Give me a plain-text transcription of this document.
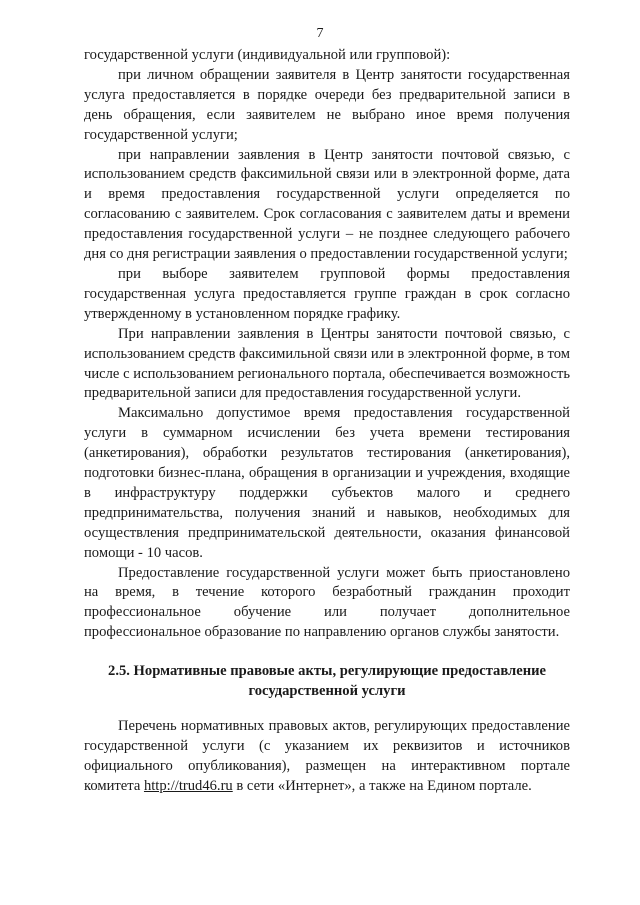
7

государственной услуги (индивидуальной или групповой):

при личном обращении заявителя в Центр занятости государственная услуга предоставляется в порядке очереди без предварительной записи в день обращения, если заявителем не выбрано иное время получения государственной услуги;

при направлении заявления в Центр занятости почтовой связью, с использованием средств факсимильной связи или в электронной форме, дата и время предоставления государственной услуги определяется по согласованию с заявителем. Срок согласования с заявителем даты и времени предоставления государственной услуги – не позднее следующего рабочего дня со дня регистрации заявления о предоставлении государственной услуги;

при выборе заявителем групповой формы предоставления государственная услуга предоставляется группе граждан в срок согласно утвержденному в установленном порядке графику.

При направлении заявления в Центры занятости почтовой связью, с использованием средств факсимильной связи или в электронной форме, в том числе с использованием регионального портала, обеспечивается возможность предварительной записи для предоставления государственной услуги.

Максимально допустимое время предоставления государственной услуги в суммарном исчислении без учета времени тестирования (анкетирования), обработки результатов тестирования (анкетирования), подготовки бизнес-плана, обращения в организации и учреждения, входящие в инфраструктуру поддержки субъектов малого и среднего предпринимательства, получения знаний и навыков, необходимых для осуществления предпринимательской деятельности, оказания финансовой помощи - 10 часов.

Предоставление государственной услуги может быть приостановлено на время, в течение которого безработный гражданин проходит профессиональное обучение или получает дополнительное профессиональное образование по направлению органов службы занятости.

2.5. Нормативные правовые акты, регулирующие предоставление
государственной услуги

Перечень нормативных правовых актов, регулирующих предоставление государственной услуги (с указанием их реквизитов и источников официального опубликования), размещен на интерактивном портале комитета http://trud46.ru в сети «Интернет», а также на Едином портале.
